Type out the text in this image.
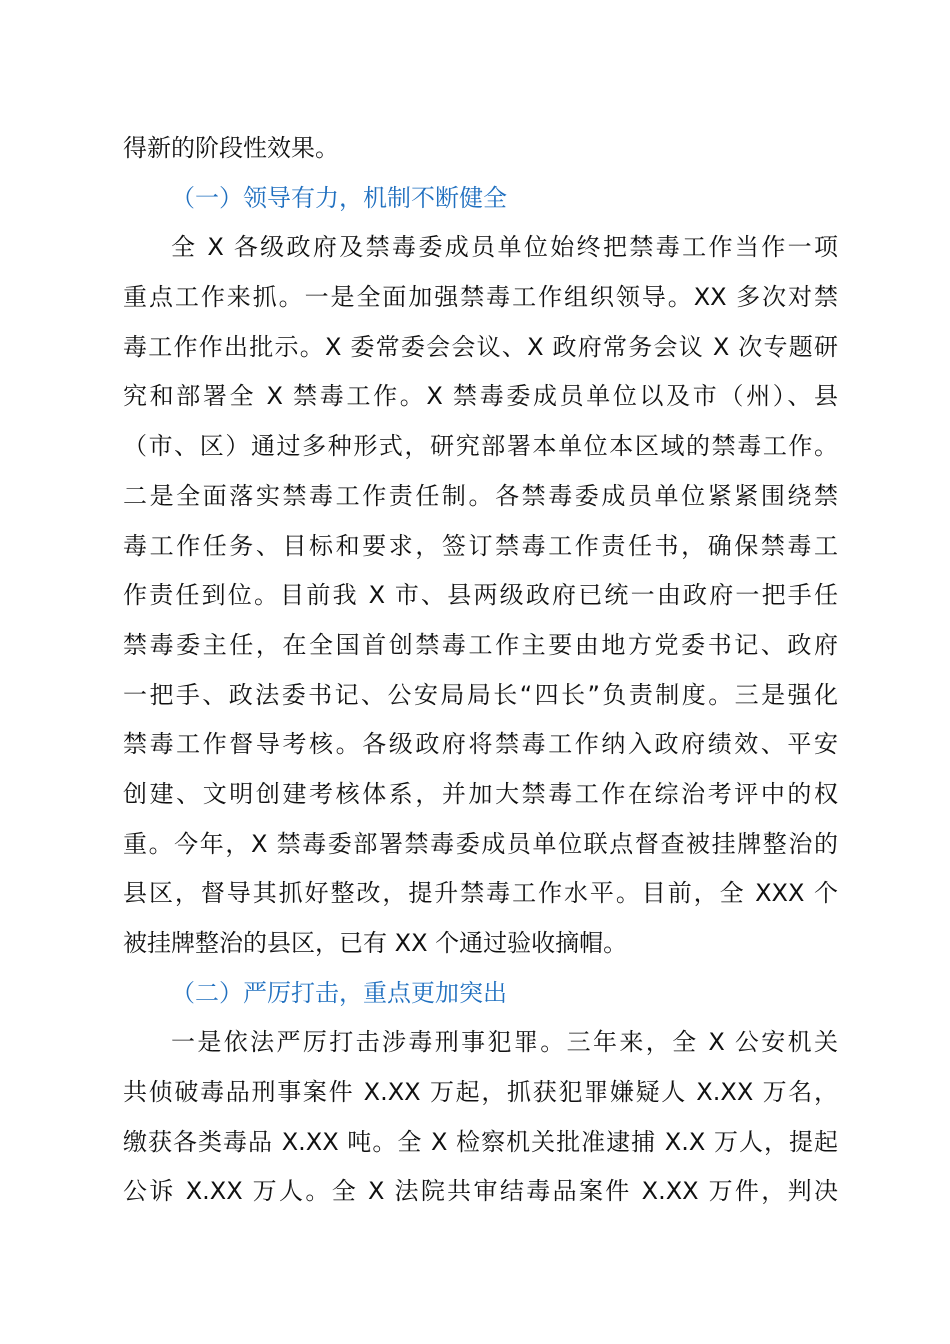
得新的阶段性效果。
（一）领导有力，机制不断健全
全 X 各级政府及禁毒委成员单位始终把禁毒工作当作一项
重点工作来抓。一是全面加强禁毒工作组织领导。XX 多次对禁
毒工作作出批示。X 委常委会会议、X 政府常务会议 X 次专题研
究和部署全 X 禁毒工作。X 禁毒委成员单位以及市（州）、县
（市、区）通过多种形式，研究部署本单位本区域的禁毒工作。
二是全面落实禁毒工作责任制。各禁毒委成员单位紧紧围绕禁
毒工作任务、目标和要求，签订禁毒工作责任书，确保禁毒工
作责任到位。目前我 X 市、县两级政府已统一由政府一把手任
禁毒委主任，在全国首创禁毒工作主要由地方党委书记、政府
一把手、政法委书记、公安局局长“四长”负责制度。三是强化
禁毒工作督导考核。各级政府将禁毒工作纳入政府绩效、平安
创建、文明创建考核体系，并加大禁毒工作在综治考评中的权
重。今年，X 禁毒委部署禁毒委成员单位联点督查被挂牌整治的
县区，督导其抓好整改，提升禁毒工作水平。目前，全 XXX 个
被挂牌整治的县区，已有 XX 个通过验收摘帽。
（二）严厉打击，重点更加突出
一是依法严厉打击涉毒刑事犯罪。三年来，全 X 公安机关
共侦破毒品刑事案件 X.XX 万起，抓获犯罪嫌疑人 X.XX 万名，
缴获各类毒品 X.XX 吨。全 X 检察机关批准逮捕 X.X 万人，提起
公诉 X.XX 万人。全 X 法院共审结毒品案件 X.XX 万件，判决
